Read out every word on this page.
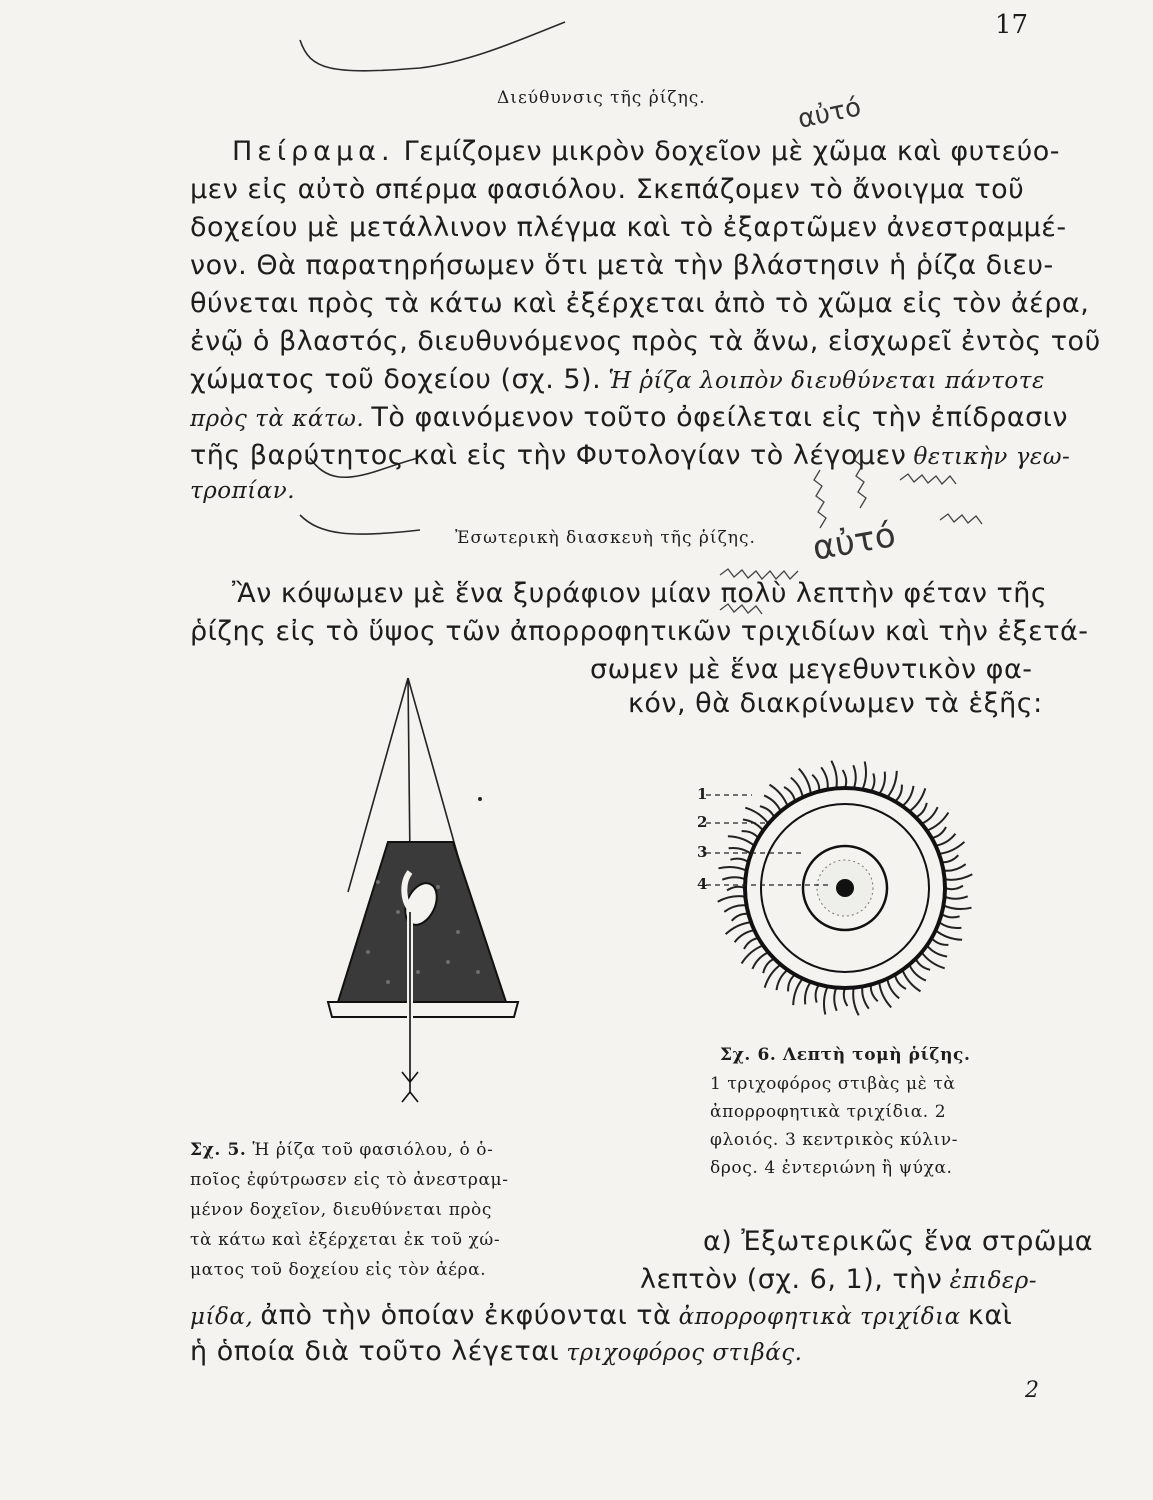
17
αὐτό
αὐτό
Διεύθυνσις τῆς ῥίζης.
Πείραμα. Γεμίζομεν μικρὸν δοχεῖον μὲ χῶμα καὶ φυτεύο-
μεν εἰς αὐτὸ σπέρμα φασιόλου. Σκεπάζομεν τὸ ἄνοιγμα τοῦ
δοχείου μὲ μετάλλινον πλέγμα καὶ τὸ ἐξαρτῶμεν ἀνεστραμμέ-
νον. Θὰ παρατηρήσωμεν ὅτι μετὰ τὴν βλάστησιν ἡ ῥίζα διευ-
θύνεται πρὸς τὰ κάτω καὶ ἐξέρχεται ἀπὸ τὸ χῶμα εἰς τὸν ἀέρα,
ἐνῷ ὁ βλαστός, διευθυνόμενος πρὸς τὰ ἄνω, εἰσχωρεῖ ἐντὸς τοῦ
χώματος τοῦ δοχείου (σχ. 5). Ἡ ῥίζα λοιπὸν διευθύνεται πάντοτε
πρὸς τὰ κάτω. Τὸ φαινόμενον τοῦτο ὀφείλεται εἰς τὴν ἐπίδρασιν
τῆς βαρύτητος καὶ εἰς τὴν Φυτολογίαν τὸ λέγομεν θετικὴν γεω-
τροπίαν.
Ἐσωτερικὴ διασκευὴ τῆς ῥίζης.
Ἂν κόψωμεν μὲ ἕνα ξυράφιον μίαν πολὺ λεπτὴν φέταν τῆς
ῥίζης εἰς τὸ ὕψος τῶν ἀπορροφητικῶν τριχιδίων καὶ τὴν ἐξετά-
σωμεν μὲ ἕνα μεγεθυντικὸν φα-
κόν, θὰ διακρίνωμεν τὰ ἑξῆς:
1
2
3
4
Σχ. 6. Λεπτὴ τομὴ ῥίζης.
1 τριχοφόρος στιβὰς μὲ τὰ
ἀπορροφητικὰ τριχίδια. 2
φλοιός. 3 κεντρικὸς κύλιν-
δρος. 4 ἐντεριώνη ἢ ψύχα.
Σχ. 5. Ἡ ῥίζα τοῦ φασιόλου, ὁ ὁ-
ποῖος ἐφύτρωσεν εἰς τὸ ἀνεστραμ-
μένον δοχεῖον, διευθύνεται πρὸς
τὰ κάτω καὶ ἐξέρχεται ἐκ τοῦ χώ-
ματος τοῦ δοχείου εἰς τὸν ἀέρα.
α) Ἐξωτερικῶς ἕνα στρῶμα
λεπτὸν (σχ. 6, 1), τὴν ἐπιδερ-
μίδα, ἀπὸ τὴν ὁποίαν ἐκφύονται τὰ ἀπορροφητικὰ τριχίδια καὶ
ἡ ὁποία διὰ τοῦτο λέγεται τριχοφόρος στιβάς.
2
